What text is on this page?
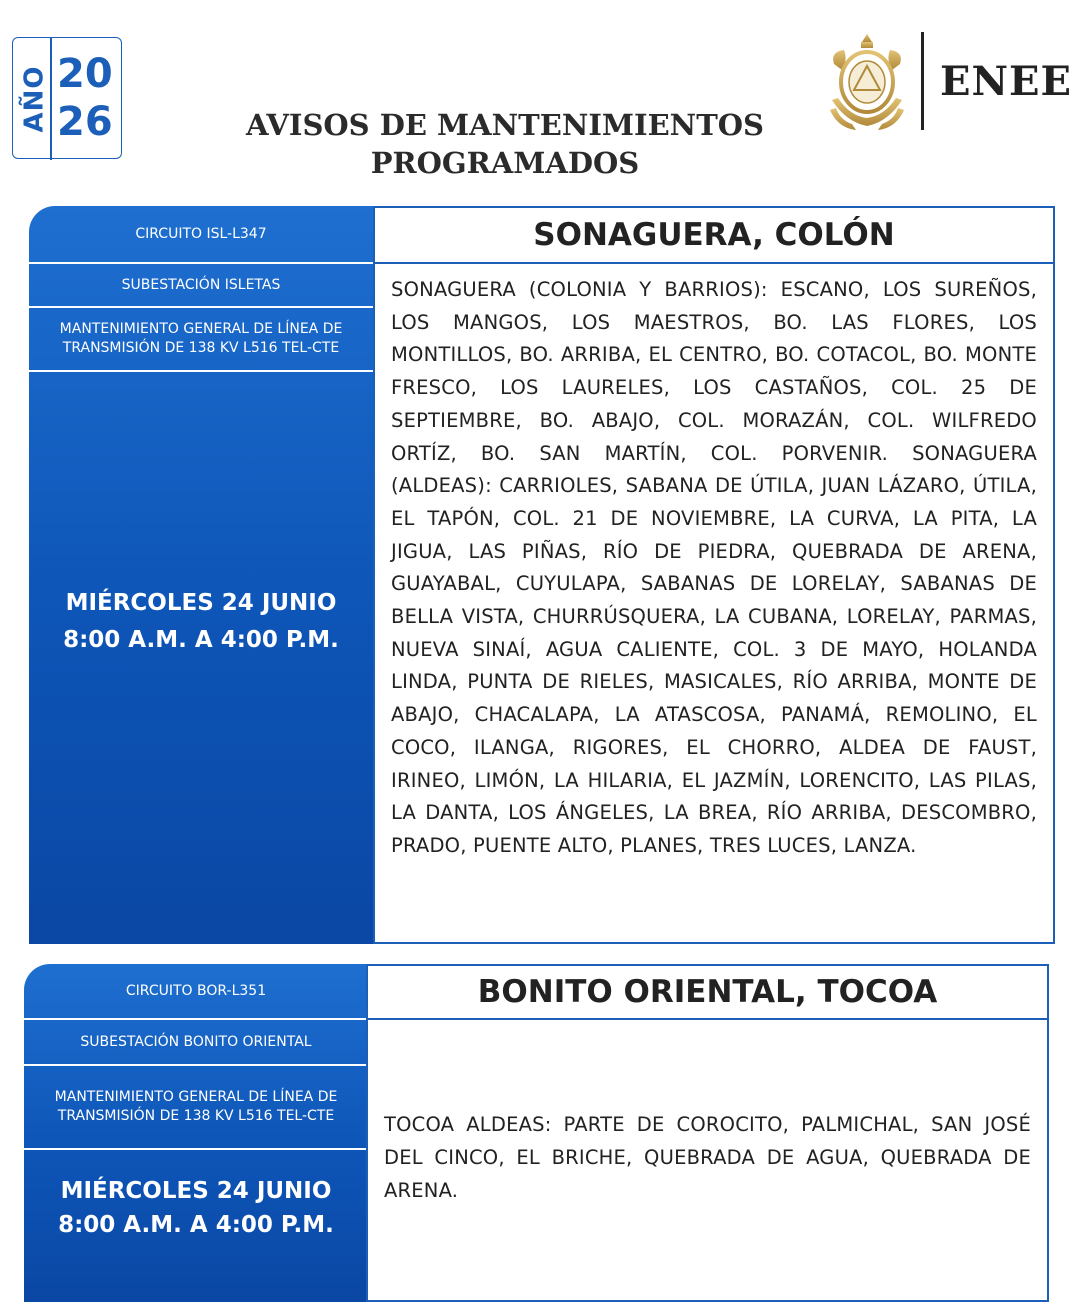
AÑO 20
26	AVISOS DE MANTENIMIENTOS
PROGRAMADOS
ENEE
CIRCUITO ISL-L347
SUBESTACIÓN ISLETAS
MANTENIMIENTO GENERAL DE LÍNEA DE TRANSMISIÓN DE 138 KV L516 TEL-CTE
MIÉRCOLES 24 JUNIO
8:00 A.M. A 4:00 P.M.
SONAGUERA, COLÓN
SONAGUERA (COLONIA Y BARRIOS): ESCANO, LOS SUREÑOS, LOS MANGOS, LOS MAESTROS, BO. LAS FLORES, LOS MONTILLOS, BO. ARRIBA, EL CENTRO, BO. COTACOL, BO. MONTE FRESCO, LOS LAURELES, LOS CASTAÑOS, COL. 25 DE SEPTIEMBRE, BO. ABAJO, COL. MORAZÁN, COL. WILFREDO ORTÍZ, BO. SAN MARTÍN, COL. PORVENIR. SONAGUERA (ALDEAS): CARRIOLES, SABANA DE ÚTILA, JUAN LÁZARO, ÚTILA, EL TAPÓN, COL. 21 DE NOVIEMBRE, LA CURVA, LA PITA, LA JIGUA, LAS PIÑAS, RÍO DE PIEDRA, QUEBRADA DE ARENA, GUAYABAL, CUYULAPA, SABANAS DE LORELAY, SABANAS DE BELLA VISTA, CHURRÚSQUERA, LA CUBANA, LORELAY, PARMAS, NUEVA SINAÍ, AGUA CALIENTE, COL. 3 DE MAYO, HOLANDA LINDA, PUNTA DE RIELES, MASICALES, RÍO ARRIBA, MONTE DE ABAJO, CHACALAPA, LA ATASCOSA, PANAMÁ, REMOLINO, EL COCO, ILANGA, RIGORES, EL CHORRO, ALDEA DE FAUST, IRINEO, LIMÓN, LA HILARIA, EL JAZMÍN, LORENCITO, LAS PILAS, LA DANTA, LOS ÁNGELES, LA BREA, RÍO ARRIBA, DESCOMBRO, PRADO, PUENTE ALTO, PLANES, TRES LUCES, LANZA.
CIRCUITO BOR-L351
SUBESTACIÓN BONITO ORIENTAL
MANTENIMIENTO GENERAL DE LÍNEA DE TRANSMISIÓN DE 138 KV L516 TEL-CTE
MIÉRCOLES 24 JUNIO
8:00 A.M. A 4:00 P.M.
BONITO ORIENTAL, TOCOA
TOCOA ALDEAS: PARTE DE COROCITO, PALMICHAL, SAN JOSÉ DEL CINCO, EL BRICHE, QUEBRADA DE AGUA, QUEBRADA DE ARENA.
